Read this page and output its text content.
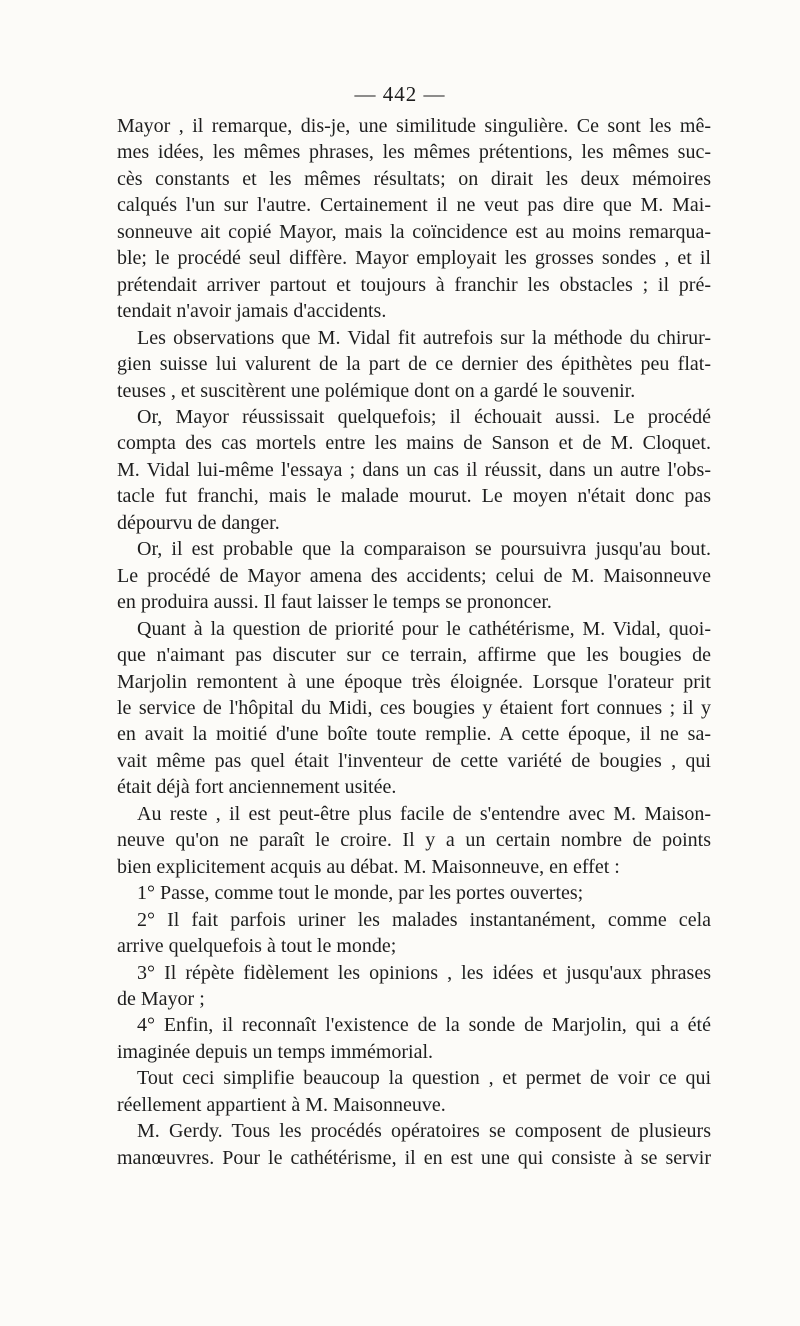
— 442 —
Mayor , il remarque, dis-je, une similitude singulière. Ce sont les mê-
mes idées, les mêmes phrases, les mêmes prétentions, les mêmes suc-
cès constants et les mêmes résultats; on dirait les deux mémoires
calqués l'un sur l'autre. Certainement il ne veut pas dire que M. Mai-
sonneuve ait copié Mayor, mais la coïncidence est au moins remarqua-
ble; le procédé seul diffère. Mayor employait les grosses sondes , et il
prétendait arriver partout et toujours à franchir les obstacles ; il pré-
tendait n'avoir jamais d'accidents.
Les observations que M. Vidal fit autrefois sur la méthode du chirur-
gien suisse lui valurent de la part de ce dernier des épithètes peu flat-
teuses , et suscitèrent une polémique dont on a gardé le souvenir.
Or, Mayor réussissait quelquefois; il échouait aussi. Le procédé
compta des cas mortels entre les mains de Sanson et de M. Cloquet.
M. Vidal lui-même l'essaya ; dans un cas il réussit, dans un autre l'obs-
tacle fut franchi, mais le malade mourut. Le moyen n'était donc pas
dépourvu de danger.
Or, il est probable que la comparaison se poursuivra jusqu'au bout.
Le procédé de Mayor amena des accidents; celui de M. Maisonneuve
en produira aussi. Il faut laisser le temps se prononcer.
Quant à la question de priorité pour le cathétérisme, M. Vidal, quoi-
que n'aimant pas discuter sur ce terrain, affirme que les bougies de
Marjolin remontent à une époque très éloignée. Lorsque l'orateur prit
le service de l'hôpital du Midi, ces bougies y étaient fort connues ; il y
en avait la moitié d'une boîte toute remplie. A cette époque, il ne sa-
vait même pas quel était l'inventeur de cette variété de bougies , qui
était déjà fort anciennement usitée.
Au reste , il est peut-être plus facile de s'entendre avec M. Maison-
neuve qu'on ne paraît le croire. Il y a un certain nombre de points
bien explicitement acquis au débat. M. Maisonneuve, en effet :
1° Passe, comme tout le monde, par les portes ouvertes;
2° Il fait parfois uriner les malades instantanément, comme cela
arrive quelquefois à tout le monde;
3° Il répète fidèlement les opinions , les idées et jusqu'aux phrases
de Mayor ;
4° Enfin, il reconnaît l'existence de la sonde de Marjolin, qui a été
imaginée depuis un temps immémorial.
Tout ceci simplifie beaucoup la question , et permet de voir ce qui
réellement appartient à M. Maisonneuve.
M. Gerdy. Tous les procédés opératoires se composent de plusieurs
manœuvres. Pour le cathétérisme, il en est une qui consiste à se servir
